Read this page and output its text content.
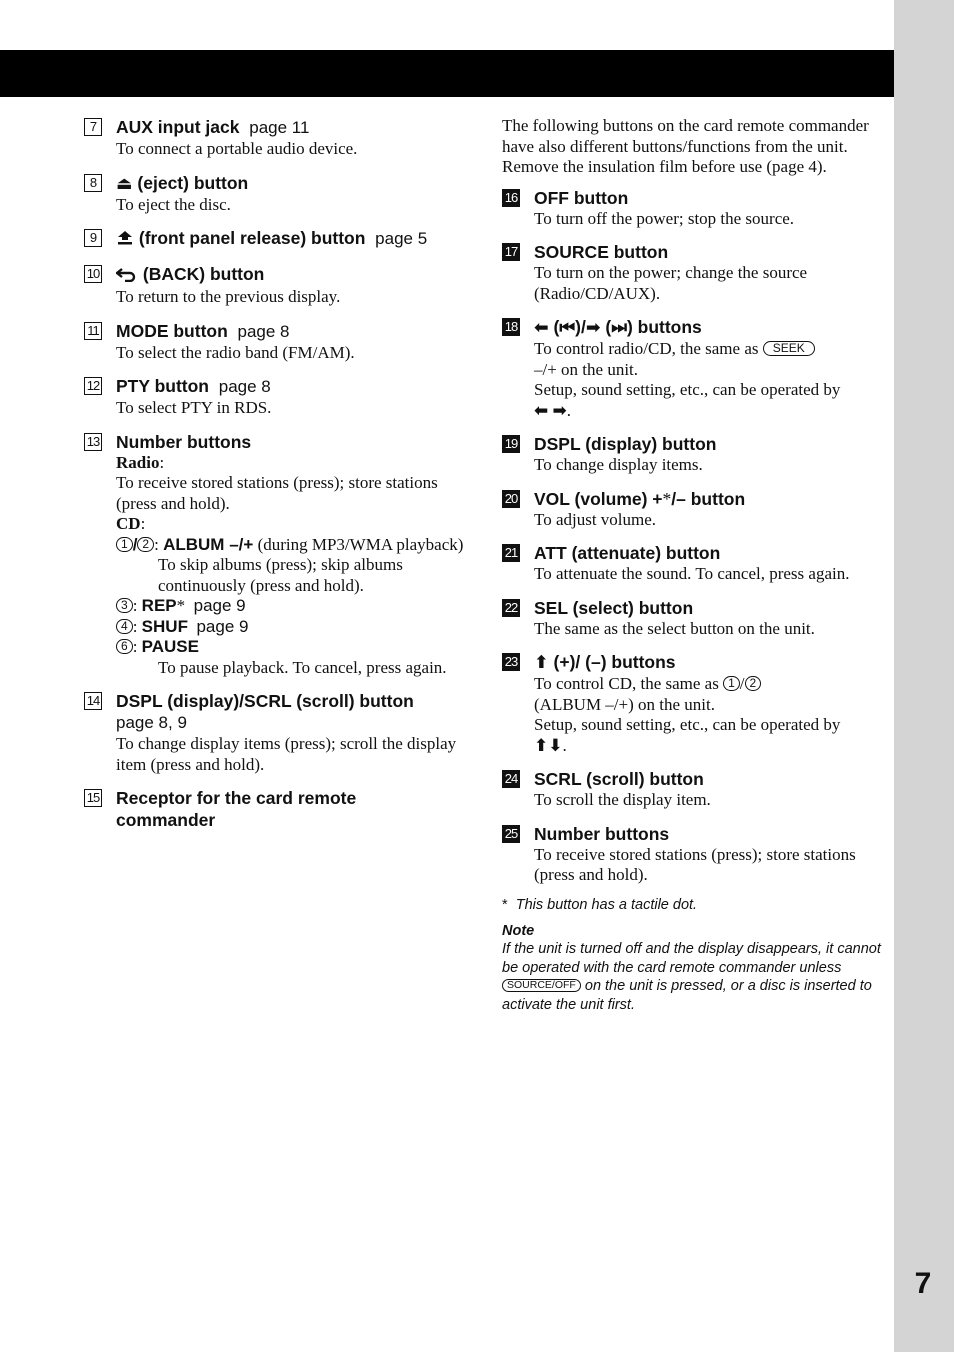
7
7	AUX input jack page 11
To connect a portable audio device.
8	⏏ (eject) button
To eject the disc.
9	(front panel release) button page 5
10	(BACK) button
To return to the previous display.
11 MODE button page 8
To select the radio band (FM/AM).
12 PTY button page 8
To select PTY in RDS.
13 Number buttons
Radio:
To receive stored stations (press); store stations (press and hold).
CD:
1 / 2 : ALBUM –/+ (during MP3/WMA playback)
To skip albums (press); skip albums continuously (press and hold).
3 : REP*  page 9
4 : SHUF page 9
6 : PAUSE
To pause playback. To cancel, press again.
14 DSPL (display)/SCRL (scroll) button
page 8, 9
To change display items (press); scroll the display item (press and hold).
15 Receptor for the card remote commander
The following buttons on the card remote commander have also different buttons/functions from the unit. Remove the insulation film before use (page 4).
16 OFF button
To turn off the power; stop the source.
17 SOURCE button
To turn on the power; change the source (Radio/CD/AUX).
18 ⬅ (⏮)/➡ (⏭) buttons
To control radio/CD, the same as SEEK
–/+ on the unit.
Setup, sound setting, etc., can be operated by
⬅ ➡.
19 DSPL (display) button
To change display items.
20 VOL (volume) +*/– button
To adjust volume.
21 ATT (attenuate) button
To attenuate the sound. To cancel, press again.
22 SEL (select) button
The same as the select button on the unit.
23 ⬆ (+)/ (–) buttons
To control CD, the same as 1 / 2
(ALBUM –/+) on the unit.
Setup, sound setting, etc., can be operated by
⬆⬇.
24 SCRL (scroll) button
To scroll the display item.
25 Number buttons
To receive stored stations (press); store stations (press and hold).
* This button has a tactile dot.
Note
If the unit is turned off and the display disappears, it cannot be operated with the card remote commander unless SOURCE/OFF on the unit is pressed, or a disc is inserted to activate the unit first.
